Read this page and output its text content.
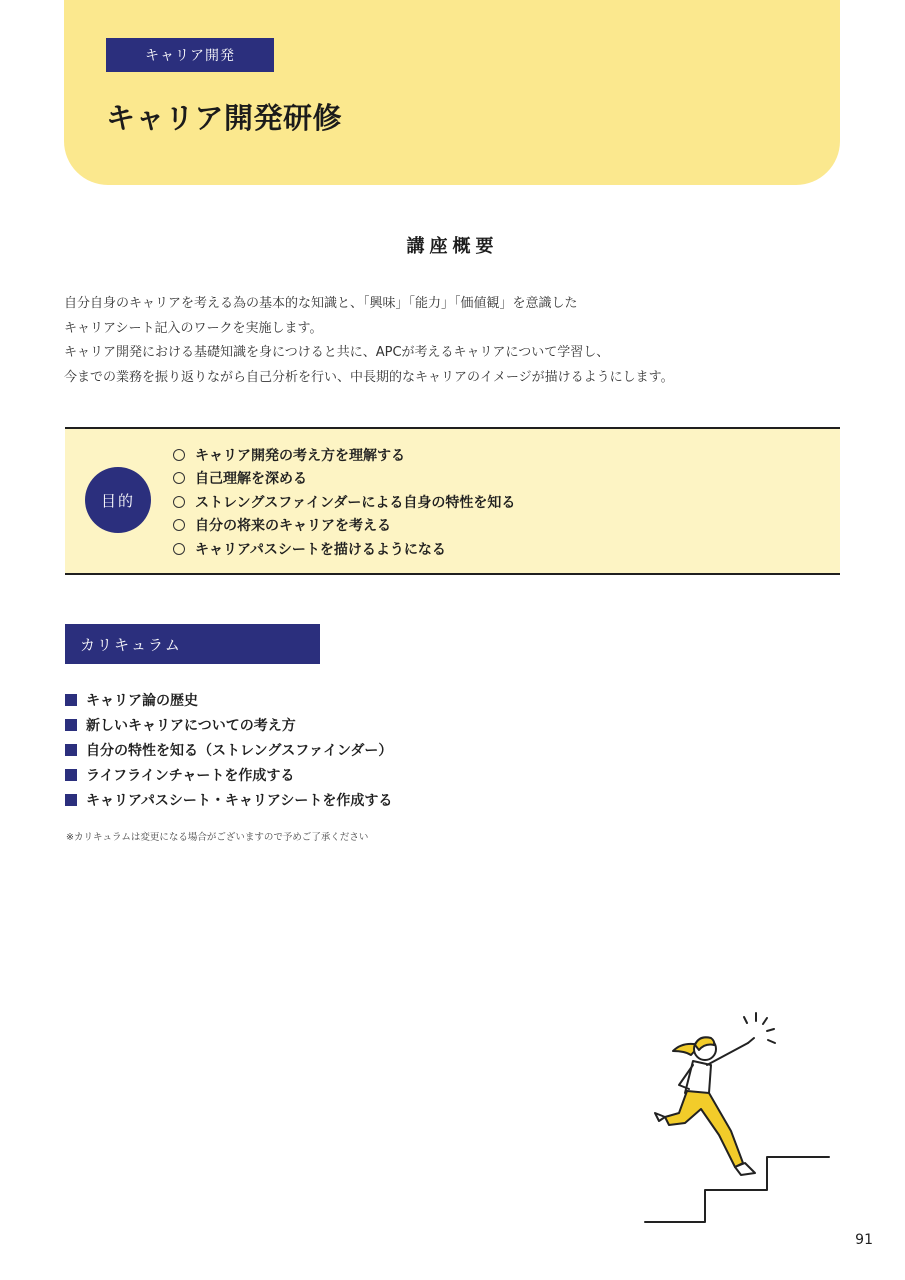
キャリア開発
キャリア開発研修
講座概要
自分自身のキャリアを考える為の基本的な知識と、「興味」「能力」「価値観」を意識した
キャリアシート記入のワークを実施します。
キャリア開発における基礎知識を身につけると共に、APCが考えるキャリアについて学習し、
今までの業務を振り返りながら自己分析を行い、中長期的なキャリアのイメージが描けるようにします。
目的
キャリア開発の考え方を理解する
自己理解を深める
ストレングスファインダーによる自身の特性を知る
自分の将来のキャリアを考える
キャリアパスシートを描けるようになる
カリキュラム
キャリア論の歴史
新しいキャリアについての考え方
自分の特性を知る（ストレングスファインダー）
ライフラインチャートを作成する
キャリアパスシート・キャリアシートを作成する
※カリキュラムは変更になる場合がございますので予めご了承ください
91
